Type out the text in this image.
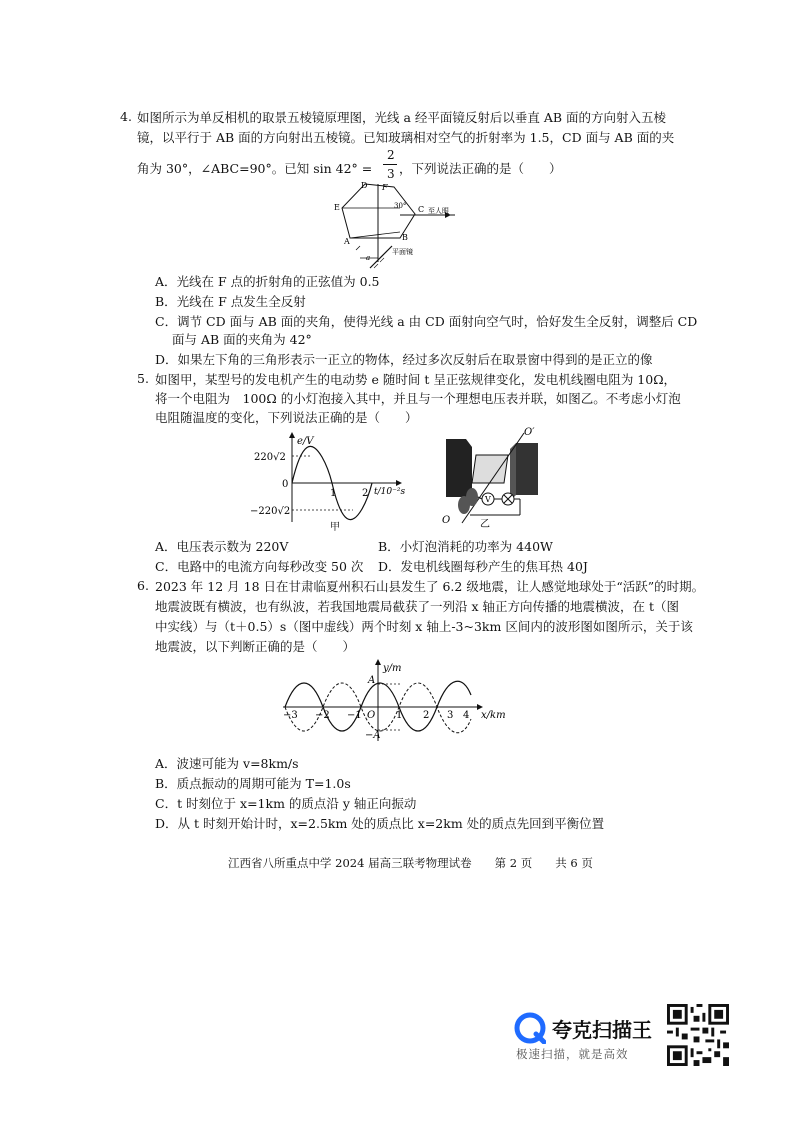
4. 如图所示为单反相机的取景五棱镜原理图，光线 a 经平面镜反射后以垂直 AB 面的方向射入五棱
镜，以平行于 AB 面的方向射出五棱镜。已知玻璃相对空气的折射率为 1.5，CD 面与 AB 面的夹
角为 30°，∠ABC=90°。已知 sin 42° =
2
3 ，下列说法正确的是（　　）
D F
E	C
A	B
a
30°
至人眼
平面镜
A．光线在 F 点的折射角的正弦值为 0.5
B．光线在 F 点发生全反射
C．调节 CD 面与 AB 面的夹角，使得光线 a 由 CD 面射向空气时，恰好发生全反射，调整后 CD
面与 AB 面的夹角为 42°
D．如果左下角的三角形表示一正立的物体，经过多次反射后在取景窗中得到的是正立的像
5. 如图甲，某型号的发电机产生的电动势 e 随时间 t 呈正弦规律变化，发电机线圈电阻为 10Ω，
将一个电阻为　100Ω 的小灯泡接入其中，并且与一个理想电压表并联，如图乙。不考虑小灯泡
电阻随温度的变化，下列说法正确的是（　　）
e/V
220√2
0
−220√2
1	2 t/10⁻²s
甲
V
O′
O	乙
A．电压表示数为 220V	B．小灯泡消耗的功率为 440W
C．电路中的电流方向每秒改变 50 次 D．发电机线圈每秒产生的焦耳热 40J
6. 2023 年 12 月 18 日在甘肃临夏州积石山县发生了 6.2 级地震，让人感觉地球处于“活跃”的时期。
地震波既有横波，也有纵波，若我国地震局截获了一列沿 x 轴正方向传播的地震横波，在 t（图
中实线）与（t＋0.5）s（图中虚线）两个时刻 x 轴上-3~3km 区间内的波形图如图所示，关于该
地震波，以下判断正确的是（　　）
y/m
A
−A
O
−3 −2 −1	1 2 3 4 x/km
A．波速可能为 v=8km/s
B．质点振动的周期可能为 T=1.0s
C．t 时刻位于 x=1km 的质点沿 y 轴正向振动
D．从 t 时刻开始计时，x=2.5km 处的质点比 x=2km 处的质点先回到平衡位置
江西省八所重点中学 2024 届高三联考物理试卷　　第 2 页　　共 6 页
夸克扫描王
极速扫描，就是高效
